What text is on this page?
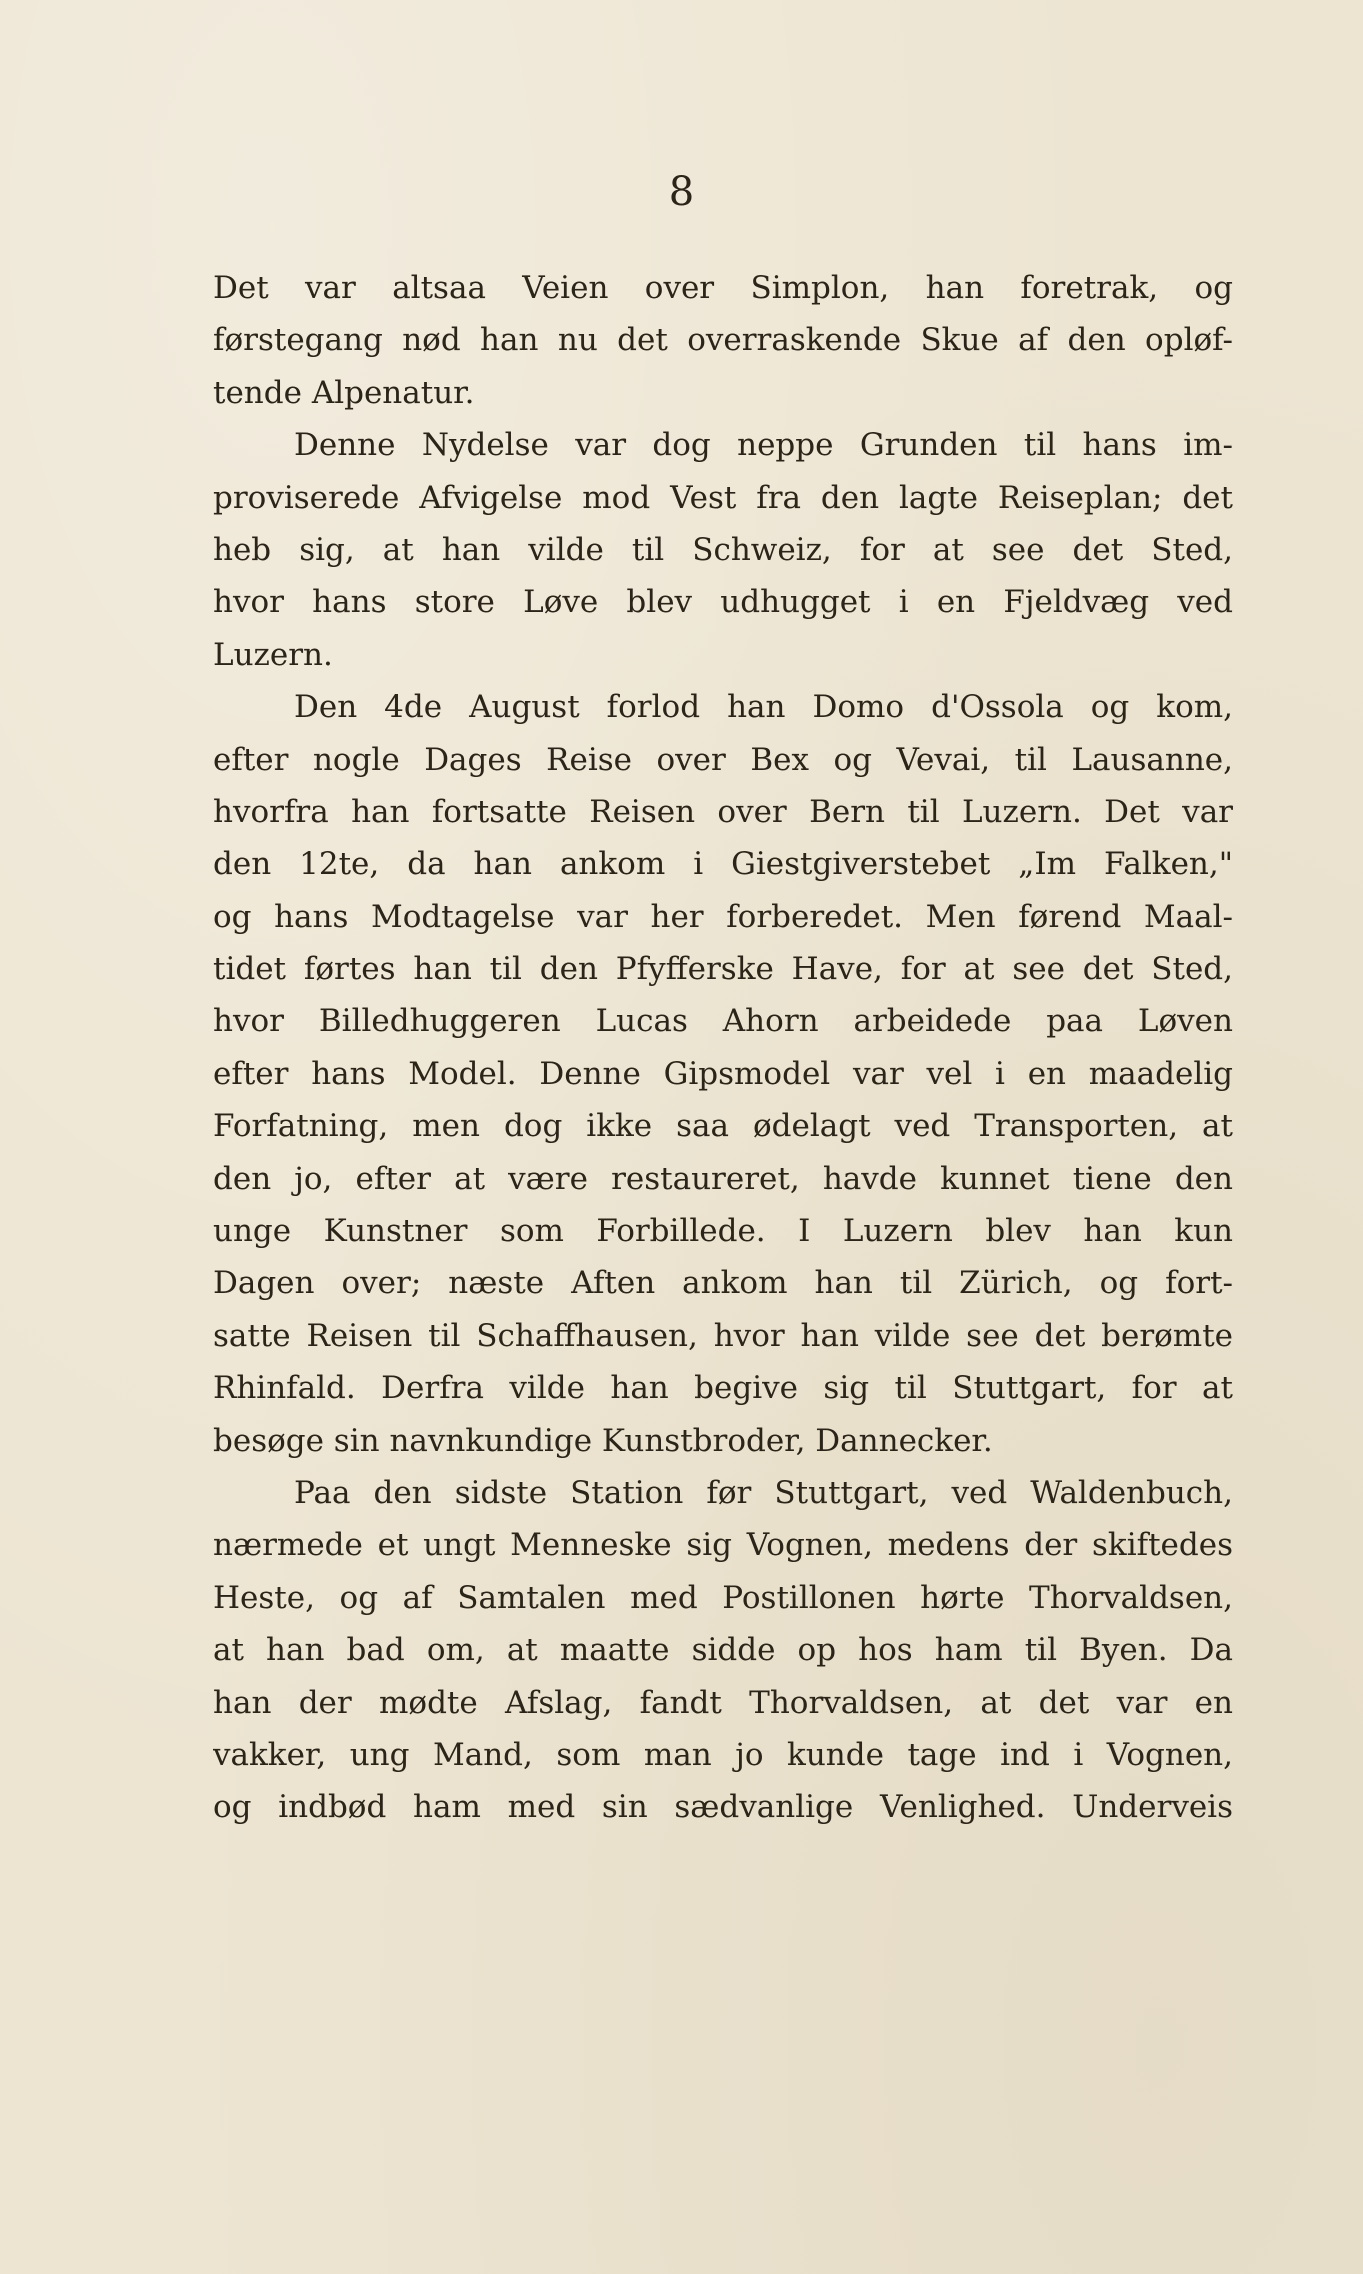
8
Det var altsaa Veien over Simplon, han foretrak, og
førstegang nød han nu det overraskende Skue af den opløf-
tende Alpenatur.
Denne Nydelse var dog neppe Grunden til hans im-
proviserede Afvigelse mod Vest fra den lagte Reiseplan; det
heb sig, at han vilde til Schweiz, for at see det Sted,
hvor hans store Løve blev udhugget i en Fjeldvæg ved
Luzern.
Den 4de August forlod han Domo d'Ossola og kom,
efter nogle Dages Reise over Bex og Vevai, til Lausanne,
hvorfra han fortsatte Reisen over Bern til Luzern. Det var
den 12te, da han ankom i Giestgiverstebet „Im Falken,"
og hans Modtagelse var her forberedet. Men førend Maal-
tidet førtes han til den Pfyfferske Have, for at see det Sted,
hvor Billedhuggeren Lucas Ahorn arbeidede paa Løven
efter hans Model. Denne Gipsmodel var vel i en maadelig
Forfatning, men dog ikke saa ødelagt ved Transporten, at
den jo, efter at være restaureret, havde kunnet tiene den
unge Kunstner som Forbillede. I Luzern blev han kun
Dagen over; næste Aften ankom han til Zürich, og fort-
satte Reisen til Schaffhausen, hvor han vilde see det berømte
Rhinfald. Derfra vilde han begive sig til Stuttgart, for at
besøge sin navnkundige Kunstbroder, Dannecker.
Paa den sidste Station før Stuttgart, ved Waldenbuch,
nærmede et ungt Menneske sig Vognen, medens der skiftedes
Heste, og af Samtalen med Postillonen hørte Thorvaldsen,
at han bad om, at maatte sidde op hos ham til Byen. Da
han der mødte Afslag, fandt Thorvaldsen, at det var en
vakker, ung Mand, som man jo kunde tage ind i Vognen,
og indbød ham med sin sædvanlige Venlighed. Underveis
